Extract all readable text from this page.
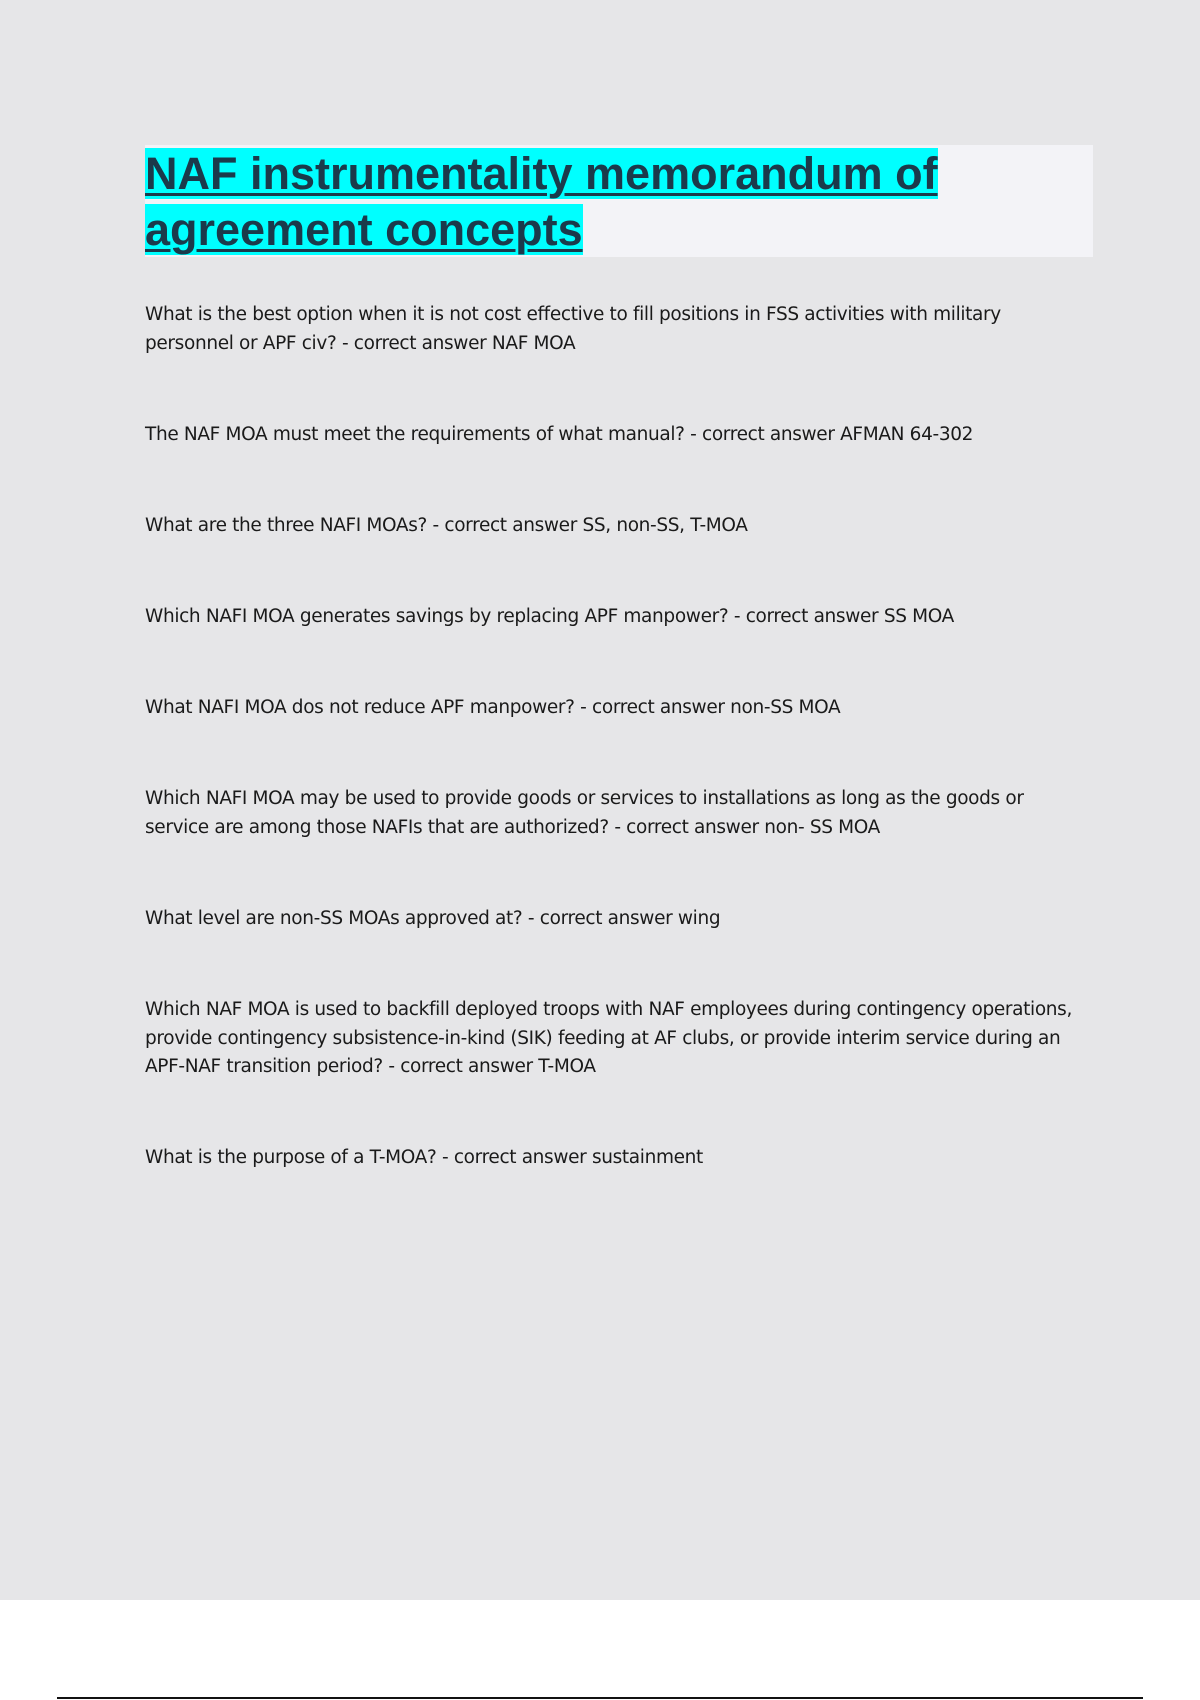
NAF instrumentality memorandum of agreement concepts

What is the best option when it is not cost effective to fill positions in FSS activities with military personnel or APF civ? - correct answer NAF MOA

The NAF MOA must meet the requirements of what manual? - correct answer AFMAN 64-302

What are the three NAFI MOAs? - correct answer SS, non-SS, T-MOA

Which NAFI MOA generates savings by replacing APF manpower? - correct answer SS MOA

What NAFI MOA dos not reduce APF manpower? - correct answer non-SS MOA

Which NAFI MOA may be used to provide goods or services to installations as long as the goods or service are among those NAFIs that are authorized? - correct answer non- SS MOA

What level are non-SS MOAs approved at? - correct answer wing

Which NAF MOA is used to backfill deployed troops with NAF employees during contingency operations, provide contingency subsistence-in-kind (SIK) feeding at AF clubs, or provide interim service during an APF-NAF transition period? - correct answer T-MOA

What is the purpose of a T-MOA? - correct answer sustainment
